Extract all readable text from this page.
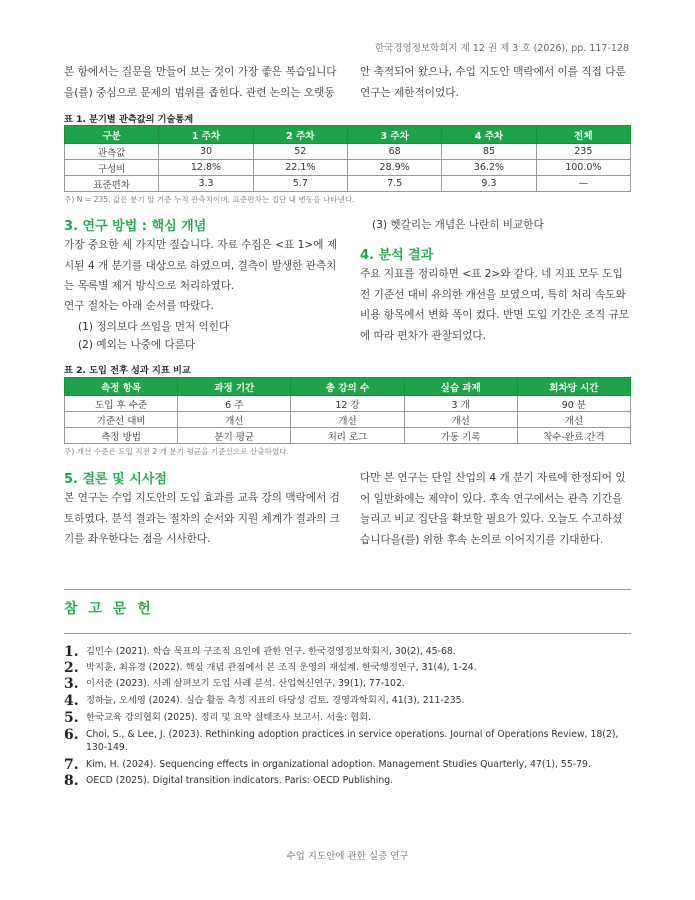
한국경영정보학회지 제 12 권 제 3 호 (2026), pp. 117-128

본 항에서는 질문을 만들어 보는 것이 가장 좋은 복습입니다을(를) 중심으로 문제의 범위를 좁힌다. 관련 논의는 오랫동

안 축적되어 왔으나, 수업 지도안 맥락에서 이를 직접 다룬 연구는 제한적이었다.

표 1. 분기별 관측값의 기술통계
구분	1 주차	2 주차	3 주차	4 주차	전체
관측값	30	52	68	85	235
구성비	12.8%	22.1%	28.9%	36.2%	100.0%
표준편차	3.3	5.7	7.5	9.3	—
주) N = 235. 값은 분기 말 기준 누적 관측치이며, 표준편차는 집단 내 변동을 나타낸다.
3. 연구 방법 : 핵심 개념

가장 중요한 세 가지만 짚습니다. 자료 수집은 <표 1>에 제시된 4 개 분기를 대상으로 하였으며, 결측이 발생한 관측치는 목록별 제거 방식으로 처리하였다.

연구 절차는 아래 순서를 따랐다.

(1) 정의보다 쓰임을 먼저 익힌다
(2) 예외는 나중에 다룬다
(3) 헷갈리는 개념은 나란히 비교한다
4. 분석 결과

주요 지표를 정리하면 <표 2>와 같다. 네 지표 모두 도입 전 기준선 대비 유의한 개선을 보였으며, 특히 처리 속도와 비용 항목에서 변화 폭이 컸다. 반면 도입 기간은 조직 규모에 따라 편차가 관찰되었다.

표 2. 도입 전후 성과 지표 비교
측정 항목	과정 기간	총 강의 수	실습 과제	회차당 시간
도입 후 수준	6 주	12 강	3 개	90 분
기준선 대비	개선	개선	개선	개선
측정 방법	분기 평균	처리 로그	가동 기록	착수-완료 간격
주) 개선 수준은 도입 직전 2 개 분기 평균을 기준선으로 산출하였다.
5. 결론 및 시사점

본 연구는 수업 지도안의 도입 효과를 교육 강의 맥락에서 검토하였다. 분석 결과는 절차의 순서와 지원 체계가 결과의 크기를 좌우한다는 점을 시사한다.

다만 본 연구는 단일 산업의 4 개 분기 자료에 한정되어 있어 일반화에는 제약이 있다. 후속 연구에서는 관측 기간을 늘리고 비교 집단을 확보할 필요가 있다. 오늘도 수고하셨습니다을(를) 위한 후속 논의로 이어지기를 기대한다.

참 고 문 헌
1. 김민수 (2021). 학습 목표의 구조적 요인에 관한 연구. 한국경영정보학회지, 30(2), 45-68.
2. 박지훈, 최유경 (2022). 핵심 개념 관점에서 본 조직 운영의 재설계. 한국행정연구, 31(4), 1-24.
3. 이서준 (2023). 사례 살펴보기 도입 사례 분석. 산업혁신연구, 39(1), 77-102.
4. 정하늘, 오세영 (2024). 실습 활동 측정 지표의 타당성 검토. 경영과학회지, 41(3), 211-235.
5. 한국교육 강의협회 (2025). 정리 및 요약 실태조사 보고서. 서울: 협회.
6. Choi, S., & Lee, J. (2023). Rethinking adoption practices in service operations. Journal of Operations Review, 18(2), 130-149.
7. Kim, H. (2024). Sequencing effects in organizational adoption. Management Studies Quarterly, 47(1), 55-79.
8. OECD (2025). Digital transition indicators. Paris: OECD Publishing.
수업 지도안에 관한 실증 연구
